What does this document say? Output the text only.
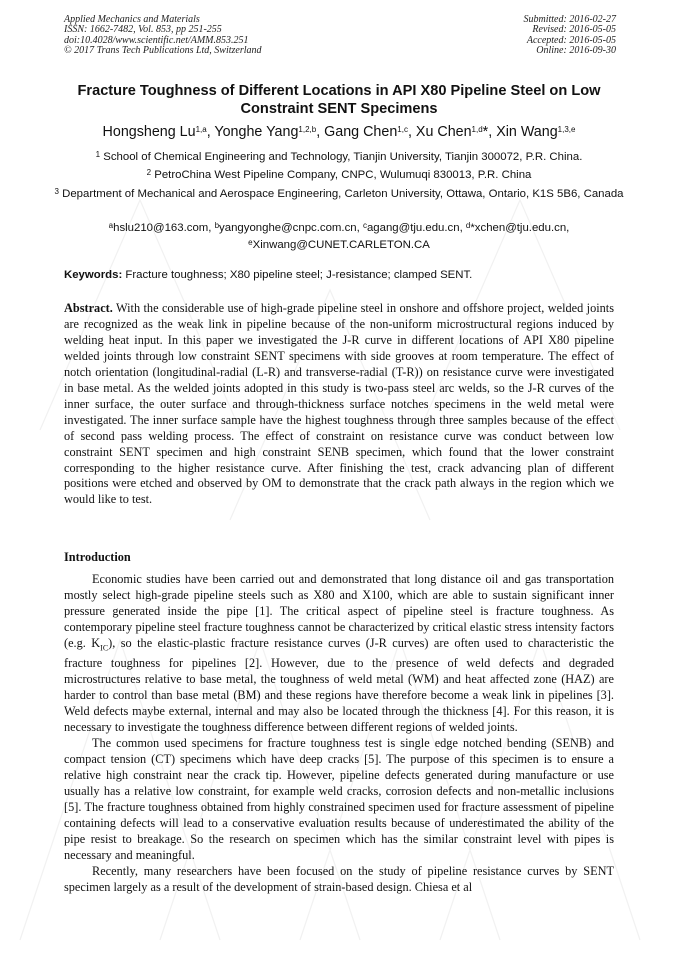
Applied Mechanics and Materials
ISSN: 1662-7482, Vol. 853, pp 251-255
doi:10.4028/www.scientific.net/AMM.853.251
© 2017 Trans Tech Publications Ltd, Switzerland
Submitted: 2016-02-27
Revised: 2016-05-05
Accepted: 2016-05-05
Online: 2016-09-30
Fracture Toughness of Different Locations in API X80 Pipeline Steel on Low Constraint SENT Specimens
Hongsheng Lu$^{1,a}$, Yonghe Yang$^{1,2,b}$, Gang Chen$^{1,c}$, Xu Chen$^{1,d}$*, Xin Wang$^{1,3,e}$
$^1$ School of Chemical Engineering and Technology, Tianjin University, Tianjin 300072, P.R. China.
$^2$ PetroChina West Pipeline Company, CNPC, Wulumuqi 830013, P.R. China
$^3$ Department of Mechanical and Aerospace Engineering, Carleton University, Ottawa, Ontario, K1S 5B6, Canada
$^a$hslu210@163.com, $^b$yangyonghe@cnpc.com.cn, $^c$agang@tju.edu.cn, $^d$*xchen@tju.edu.cn,
$^e$Xinwang@CUNET.CARLETON.CA
Keywords: Fracture toughness; X80 pipeline steel; J-resistance; clamped SENT.
Abstract. With the considerable use of high-grade pipeline steel in onshore and offshore project, welded joints are recognized as the weak link in pipeline because of the non-uniform microstructural regions induced by welding heat input. In this paper we investigated the J-R curve in different locations of API X80 pipeline welded joints through low constraint SENT specimens with side grooves at room temperature. The effect of notch orientation (longitudinal-radial (L-R) and transverse-radial (T-R)) on resistance curve were investigated in base metal. As the welded joints adopted in this study is two-pass steel arc welds, so the J-R curves of the inner surface, the outer surface and through-thickness surface notches specimens in the weld metal were investigated. The inner surface sample have the highest toughness through three samples because of the effect of second pass welding process. The effect of constraint on resistance curve was conduct between low constraint SENT specimen and high constraint SENB specimen, which found that the lower constraint corresponding to the higher resistance curve. After finishing the test, crack advancing plan of different positions were etched and observed by OM to demonstrate that the crack path always in the region which we would like to test.
Introduction

Economic studies have been carried out and demonstrated that long distance oil and gas transportation mostly select high-grade pipeline steels such as X80 and X100, which are able to sustain significant inner pressure generated inside the pipe [1]. The critical aspect of pipeline steel is fracture toughness. As contemporary pipeline steel fracture toughness cannot be characterized by critical elastic stress intensity factors (e.g. $K_{IC}$), so the elastic-plastic fracture resistance curves (J-R curves) are often used to characteristic the fracture toughness for pipelines [2]. However, due to the presence of weld defects and degraded microstructures relative to base metal, the toughness of weld metal (WM) and heat affected zone (HAZ) are harder to control than base metal (BM) and these regions have therefore become a weak link in pipelines [3]. Weld defects maybe external, internal and may also be located through the thickness [4]. For this reason, it is necessary to investigate the toughness difference between different regions of welded joints.

The common used specimens for fracture toughness test is single edge notched bending (SENB) and compact tension (CT) specimens which have deep cracks [5]. The purpose of this specimen is to ensure a relative high constraint near the crack tip. However, pipeline defects generated during manufacture or use usually has a relative low constraint, for example weld cracks, corrosion defects and non-metallic inclusions [5]. The fracture toughness obtained from highly constrained specimen used for fracture assessment of pipeline containing defects will lead to a conservative evaluation results because of underestimated the ability of the pipe resist to breakage. So the research on specimen which has the similar constraint level with pipes is necessary and meaningful.

Recently, many researchers have been focused on the study of pipeline resistance curves by SENT specimen largely as a result of the development of strain-based design. Chiesa et al
